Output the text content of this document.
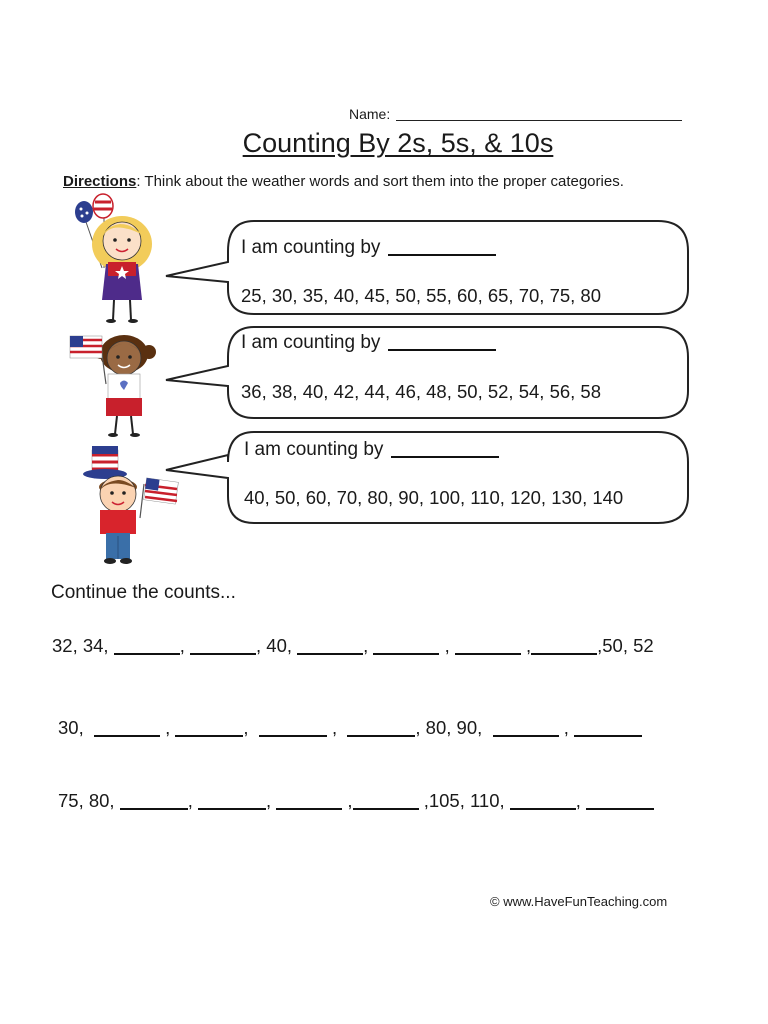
Name:
Counting By 2s, 5s, & 10s
Directions: Think about the weather words and sort them into the proper categories.
I am counting by
25, 30, 35, 40, 45, 50, 55, 60, 65, 70, 75, 80
I am counting by
36, 38, 40, 42, 44, 46, 48, 50, 52, 54, 56, 58
I am counting by
40, 50, 60, 70, 80, 90, 100, 110, 120, 130, 140
Continue the counts...
32, 34,	,	, 40,	,	,	,	,50, 52
30,	,	,	,	, 80, 90,	,
75, 80,	,	,	,	,105, 110,	,
© www.HaveFunTeaching.com
